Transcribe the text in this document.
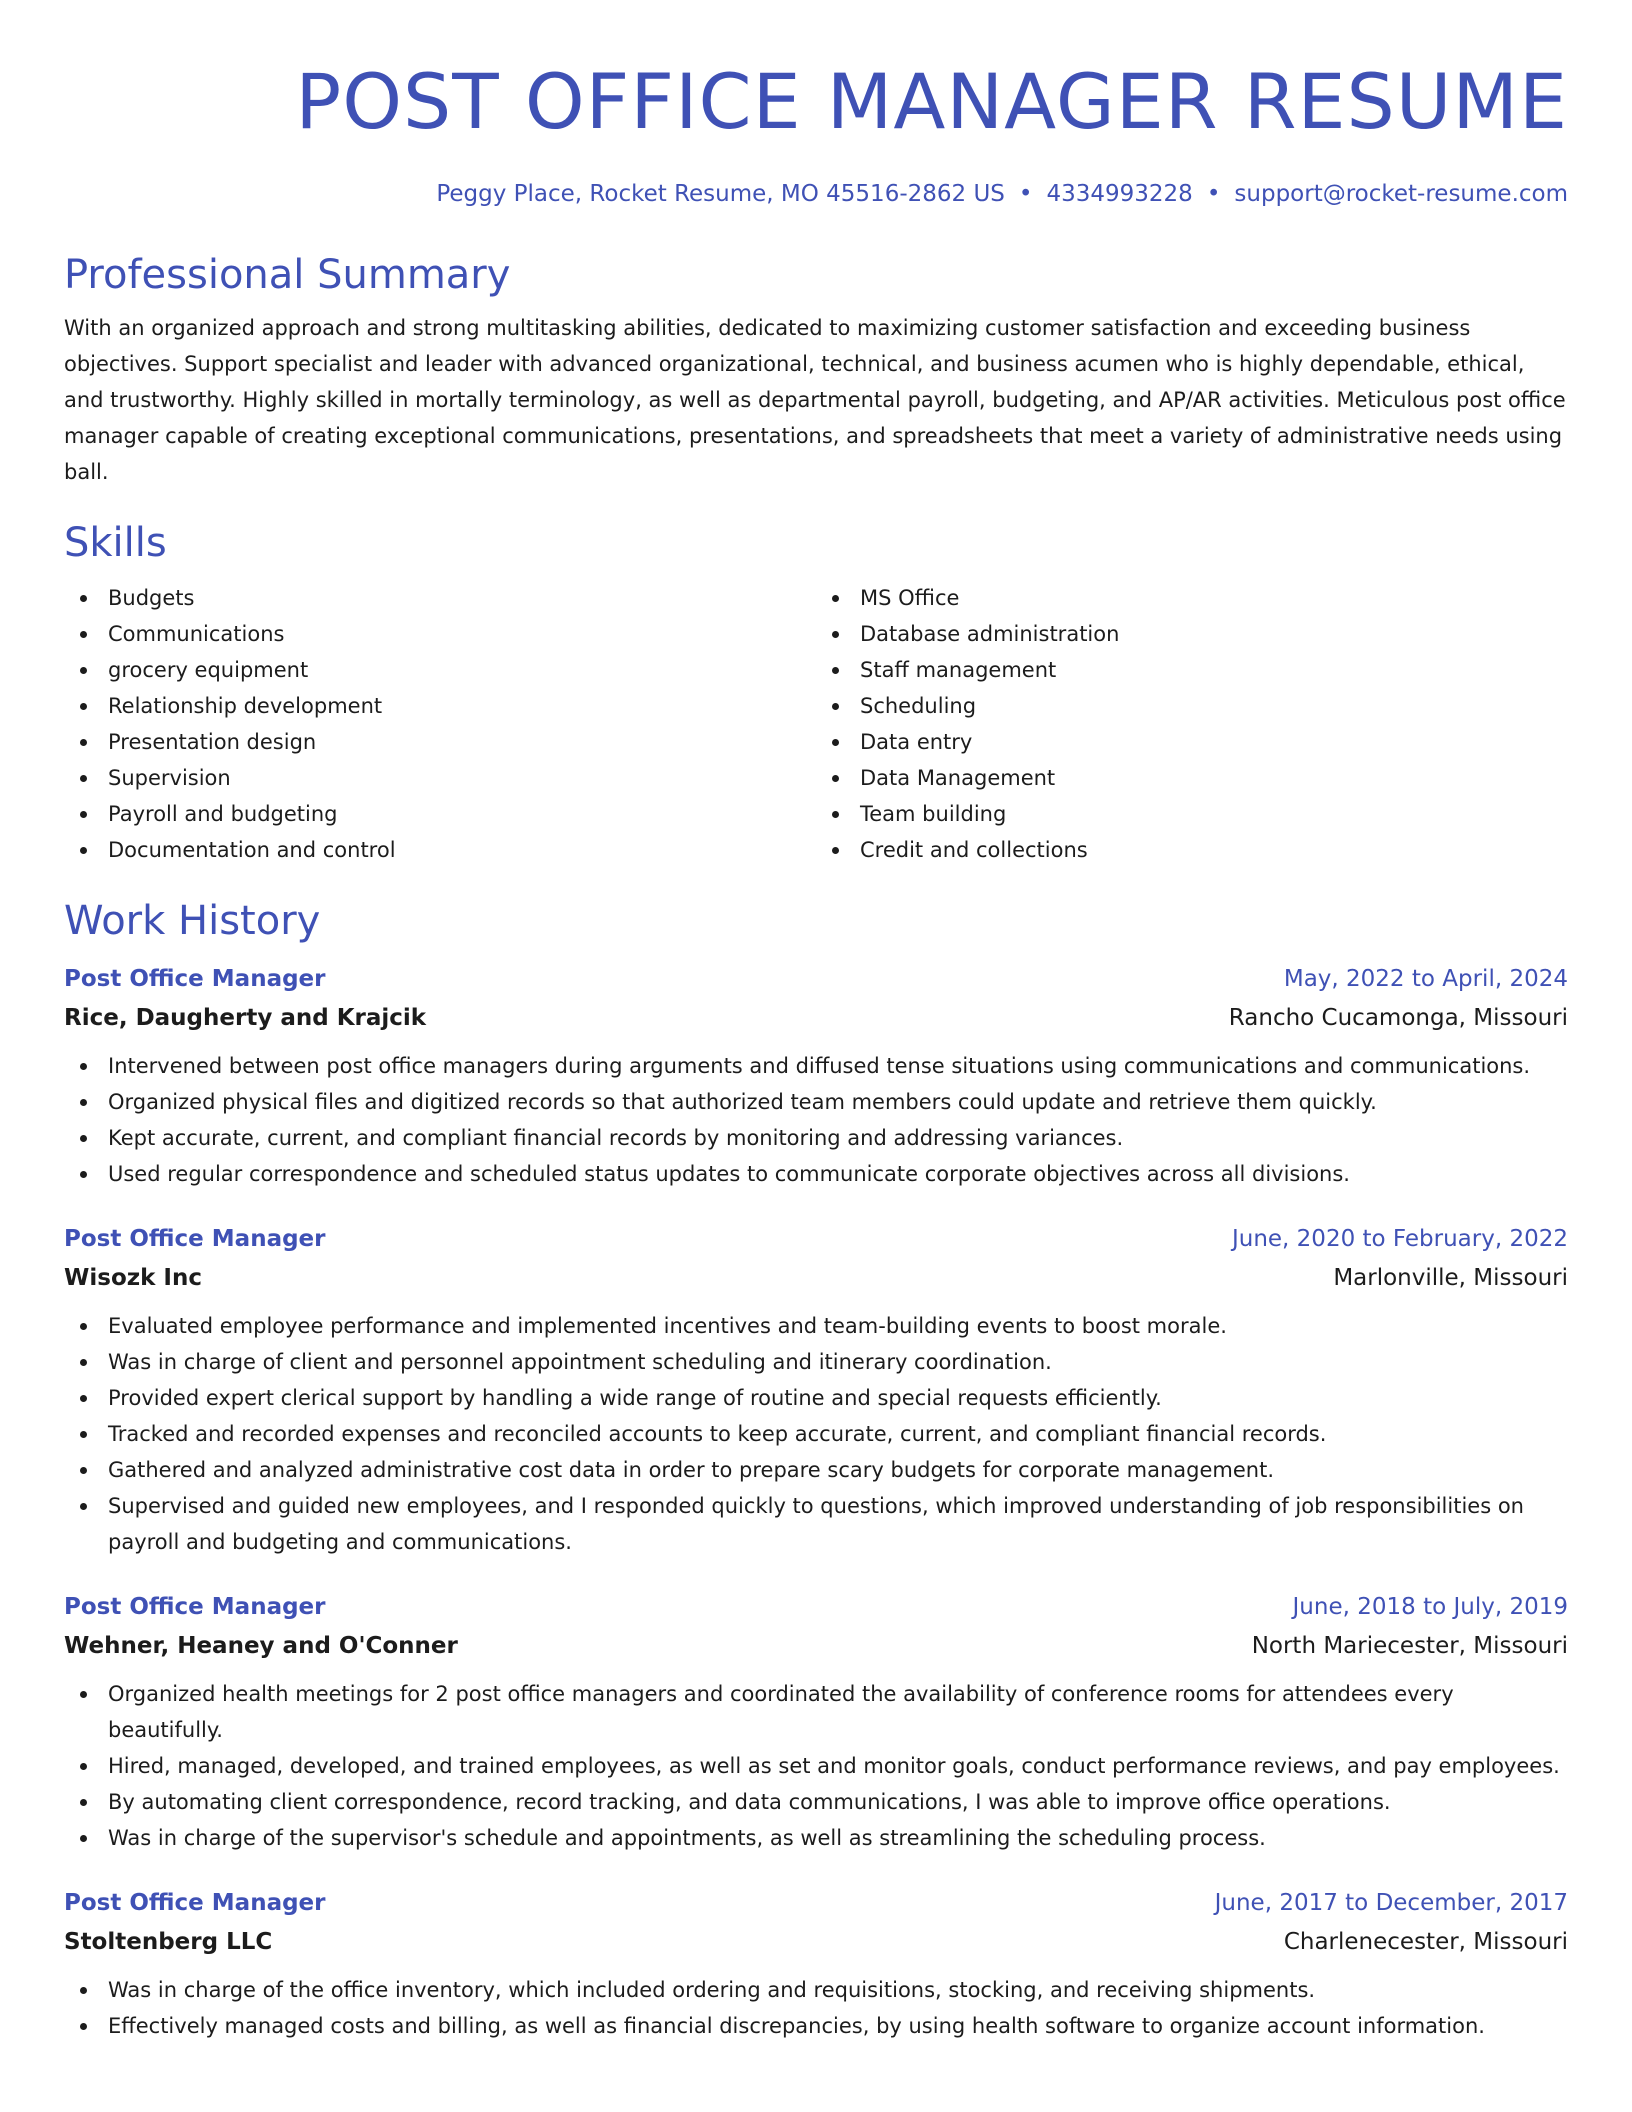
POST OFFICE MANAGER RESUME
Peggy Place, Rocket Resume, MO 45516-2862 US • 4334993228 • support@rocket-resume.com
Professional Summary

With an organized approach and strong multitasking abilities, dedicated to maximizing customer satisfaction and exceeding business objectives. Support specialist and leader with advanced organizational, technical, and business acumen who is highly dependable, ethical, and trustworthy. Highly skilled in mortally terminology, as well as departmental payroll, budgeting, and AP/AR activities. Meticulous post office manager capable of creating exceptional communications, presentations, and spreadsheets that meet a variety of administrative needs using ball.

Skills
Budgets
Communications
grocery equipment
Relationship development
Presentation design
Supervision
Payroll and budgeting
Documentation and control
MS Office
Database administration
Staff management
Scheduling
Data entry
Data Management
Team building
Credit and collections
Work History
Post Office Manager	May, 2022 to April, 2024
Rice, Daugherty and Krajcik	Rancho Cucamonga, Missouri
Intervened between post office managers during arguments and diffused tense situations using communications and communications.
Organized physical files and digitized records so that authorized team members could update and retrieve them quickly.
Kept accurate, current, and compliant financial records by monitoring and addressing variances.
Used regular correspondence and scheduled status updates to communicate corporate objectives across all divisions.
Post Office Manager	June, 2020 to February, 2022
Wisozk Inc	Marlonville, Missouri
Evaluated employee performance and implemented incentives and team-building events to boost morale.
Was in charge of client and personnel appointment scheduling and itinerary coordination.
Provided expert clerical support by handling a wide range of routine and special requests efficiently.
Tracked and recorded expenses and reconciled accounts to keep accurate, current, and compliant financial records.
Gathered and analyzed administrative cost data in order to prepare scary budgets for corporate management.
Supervised and guided new employees, and I responded quickly to questions, which improved understanding of job responsibilities on payroll and budgeting and communications.
Post Office Manager	June, 2018 to July, 2019
Wehner, Heaney and O'Conner	North Mariecester, Missouri
Organized health meetings for 2 post office managers and coordinated the availability of conference rooms for attendees every beautifully.
Hired, managed, developed, and trained employees, as well as set and monitor goals, conduct performance reviews, and pay employees.
By automating client correspondence, record tracking, and data communications, I was able to improve office operations.
Was in charge of the supervisor's schedule and appointments, as well as streamlining the scheduling process.
Post Office Manager	June, 2017 to December, 2017
Stoltenberg LLC	Charlenecester, Missouri
Was in charge of the office inventory, which included ordering and requisitions, stocking, and receiving shipments.
Effectively managed costs and billing, as well as financial discrepancies, by using health software to organize account information.
